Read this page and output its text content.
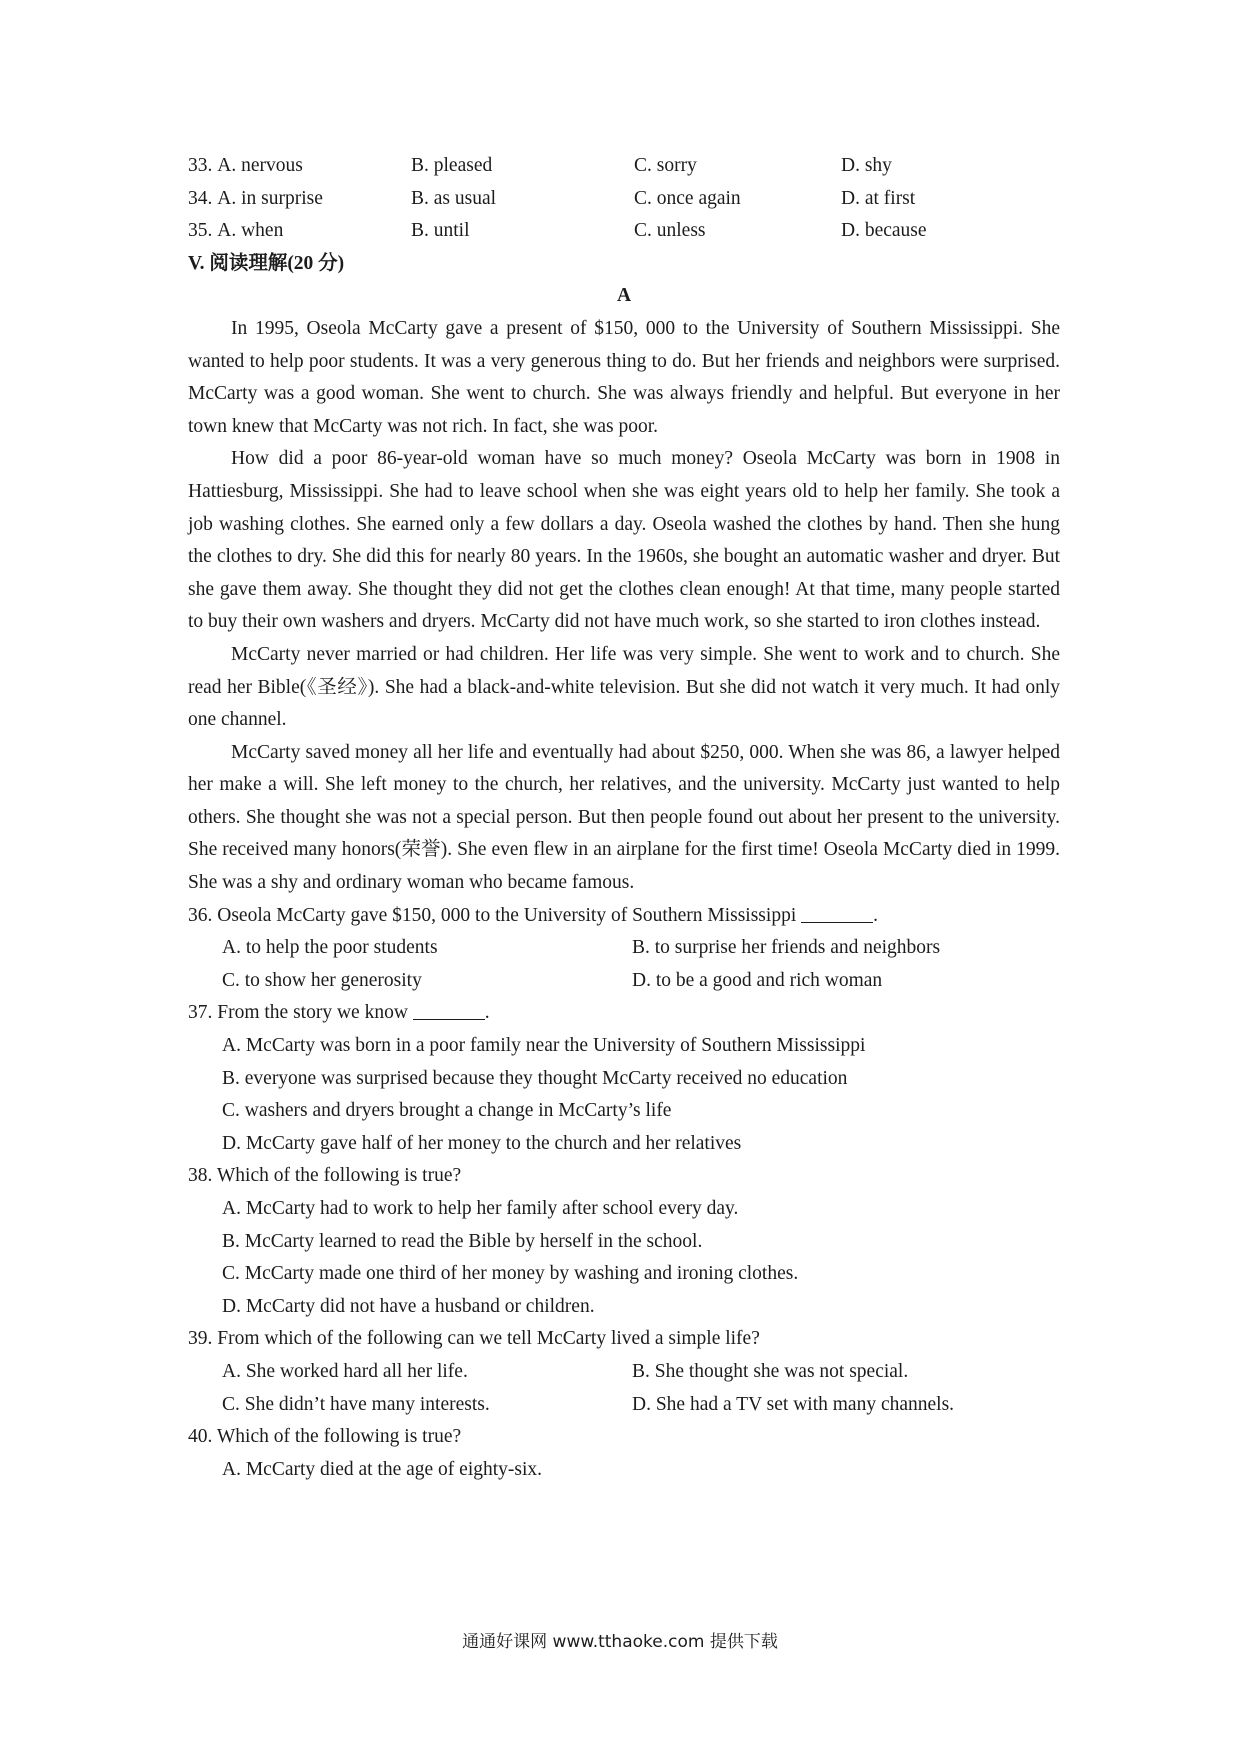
33. A. nervous	B. pleased	C. sorry	D. shy
34. A. in surprise	B. as usual	C. once again	D. at first
35. A. when	B. until	C. unless	D. because
V. 阅读理解(20 分)
A

In 1995, Oseola McCarty gave a present of $150, 000 to the University of Southern Mississippi. She wanted to help poor students. It was a very generous thing to do. But her friends and neighbors were surprised. McCarty was a good woman. She went to church. She was always friendly and helpful. But everyone in her town knew that McCarty was not rich. In fact, she was poor.

How did a poor 86-year-old woman have so much money? Oseola McCarty was born in 1908 in Hattiesburg, Mississippi. She had to leave school when she was eight years old to help her family. She took a job washing clothes. She earned only a few dollars a day. Oseola washed the clothes by hand. Then she hung the clothes to dry. She did this for nearly 80 years. In the 1960s, she bought an automatic washer and dryer. But she gave them away. She thought they did not get the clothes clean enough! At that time, many people started to buy their own washers and dryers. McCarty did not have much work, so she started to iron clothes instead.

McCarty never married or had children. Her life was very simple. She went to work and to church. She read her Bible(《圣经》). She had a black-and-white television. But she did not watch it very much. It had only one channel.

McCarty saved money all her life and eventually had about $250, 000. When she was 86, a lawyer helped her make a will. She left money to the church, her relatives, and the university. McCarty just wanted to help others. She thought she was not a special person. But then people found out about her present to the university. She received many honors(荣誉). She even flew in an airplane for the first time! Oseola McCarty died in 1999. She was a shy and ordinary woman who became famous.

36. Oseola McCarty gave $150, 000 to the University of Southern Mississippi	.
A. to help the poor students	B. to surprise her friends and neighbors
C. to show her generosity	D. to be a good and rich woman
37. From the story we know	.
A. McCarty was born in a poor family near the University of Southern Mississippi
B. everyone was surprised because they thought McCarty received no education
C. washers and dryers brought a change in McCarty’s life
D. McCarty gave half of her money to the church and her relatives
38. Which of the following is true?
A. McCarty had to work to help her family after school every day.
B. McCarty learned to read the Bible by herself in the school.
C. McCarty made one third of her money by washing and ironing clothes.
D. McCarty did not have a husband or children.
39. From which of the following can we tell McCarty lived a simple life?
A. She worked hard all her life.	B. She thought she was not special.
C. She didn’t have many interests.	D. She had a TV set with many channels.
40. Which of the following is true?
A. McCarty died at the age of eighty-six.
通通好课网 www.tthaoke.com 提供下载
